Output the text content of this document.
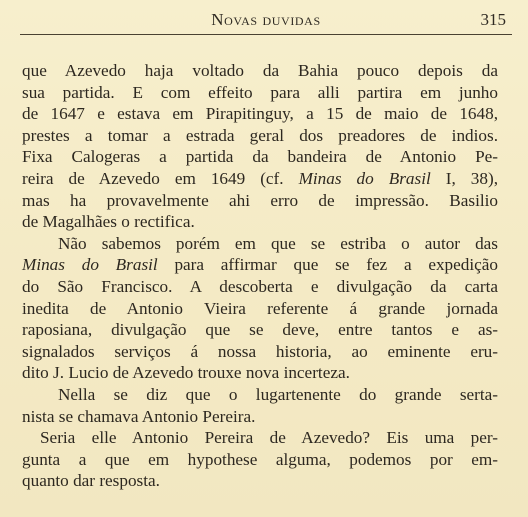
Novas duvidas	315
que Azevedo haja voltado da Bahia pouco depois da
sua partida. E com effeito para alli partira em junho
de 1647 e estava em Pirapitinguy, a 15 de maio de 1648,
prestes a tomar a estrada geral dos preadores de indios.
Fixa Calogeras a partida da bandeira de Antonio Pe-
reira de Azevedo em 1649 (cf. Minas do Brasil I, 38),
mas ha provavelmente ahi erro de impressão. Basilio
de Magalhães o rectifica.
Não sabemos porém em que se estriba o autor das
Minas do Brasil para affirmar que se fez a expedição
do São Francisco. A descoberta e divulgação da carta
inedita de Antonio Vieira referente á grande jornada
raposiana, divulgação que se deve, entre tantos e as-
signalados serviços á nossa historia, ao eminente eru-
dito J. Lucio de Azevedo trouxe nova incerteza.
Nella se diz que o lugartenente do grande serta-
nista se chamava Antonio Pereira.
Seria elle Antonio Pereira de Azevedo? Eis uma per-
gunta a que em hypothese alguma, podemos por em-
quanto dar resposta.
